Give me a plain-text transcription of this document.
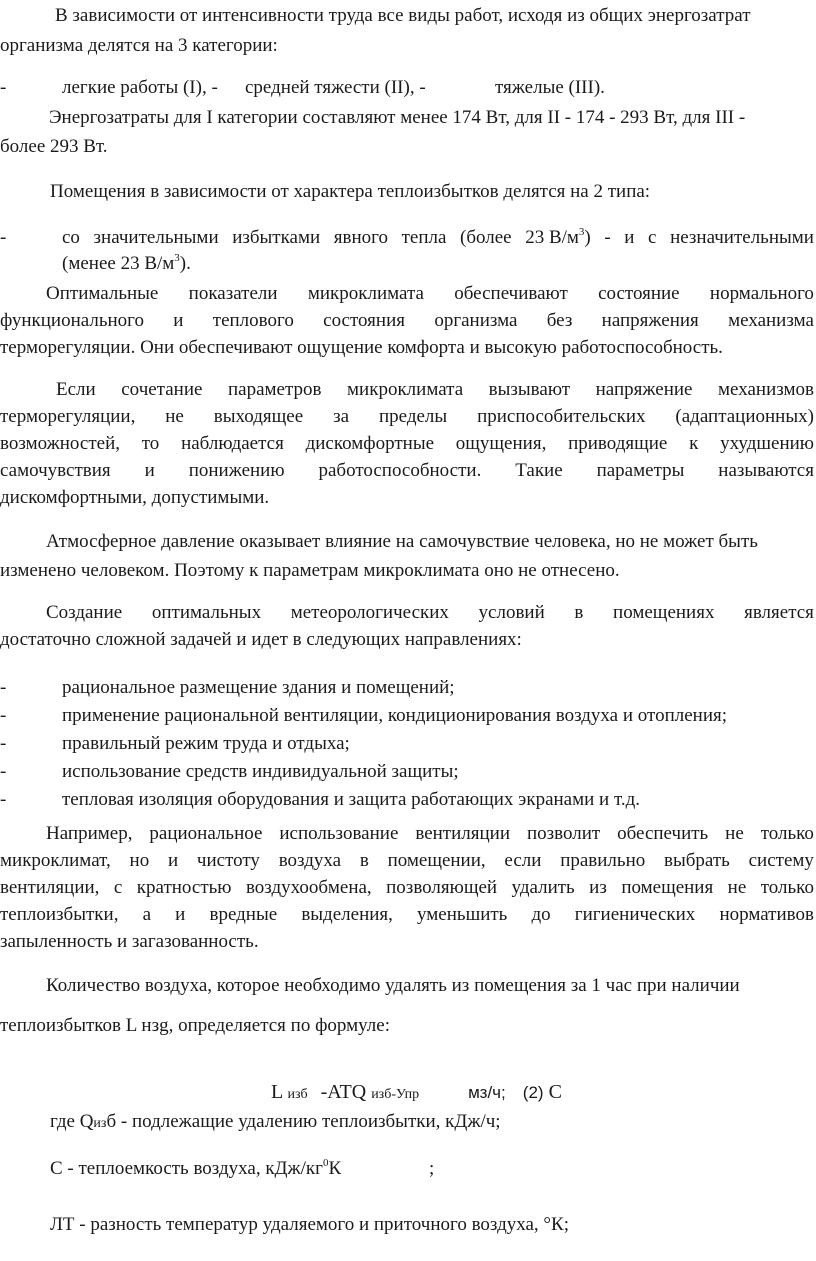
В зависимости от интенсивности труда все виды работ, исходя из общих энергозатрат
организма делятся на 3 категории:
-	легкие работы (I), - средней тяжести (II), -	тяжелые (III).
Энергозатраты для I категории составляют менее 174 Вт, для II - 174 - 293 Вт, для III -
более 293 Вт.
Помещения в зависимости от характера теплоизбытков делятся на 2 типа:
-	со значительными избытками явного тепла (более 23 $В/м^3$) - и с незначительными
(менее 23 $В/м^3$).
Оптимальные показатели микроклимата обеспечивают состояние нормального
функционального и теплового состояния организма без напряжения механизма
терморегуляции. Они обеспечивают ощущение комфорта и высокую работоспособность.
Если сочетание параметров микроклимата вызывают напряжение механизмов
терморегуляции, не выходящее за пределы приспособительских (адаптационных)
возможностей, то наблюдается дискомфортные ощущения, приводящие к ухудшению
самочувствия и понижению работоспособности. Такие параметры называются
дискомфортными, допустимыми.
Атмосферное давление оказывает влияние на самочувствие человека, но не может быть
изменено человеком. Поэтому к параметрам микроклимата оно не отнесено.
Создание оптимальных метеорологических условий в помещениях является
достаточно сложной задачей и идет в следующих направлениях:
-	рациональное размещение здания и помещений;
-	применение рациональной вентиляции, кондиционирования воздуха и отопления;
-	правильный режим труда и отдыха;
-	использование средств индивидуальной защиты;
-	тепловая изоляция оборудования и защита работающих экранами и т.д.
Например, рациональное использование вентиляции позволит обеспечить не только
микроклимат, но и чистоту воздуха в помещении, если правильно выбрать систему
вентиляции, с кратностью воздухообмена, позволяющей удалить из помещения не только
теплоизбытки, а и вредные выделения, уменьшить до гигиенических нормативов
запыленность и загазованность.
Количество воздуха, которое необходимо удалять из помещения за 1 час при наличии
теплоизбытков L нзg, определяется по формуле:
L изб -ATQ изб-Упр	мз/ч; (2) С
где Qизб - подлежащие удалению теплоизбытки, кДж/ч;
С - теплоемкость воздуха, кДж/$кг^0К$	;
ЛТ - разность температур удаляемого и приточного воздуха, °К;
